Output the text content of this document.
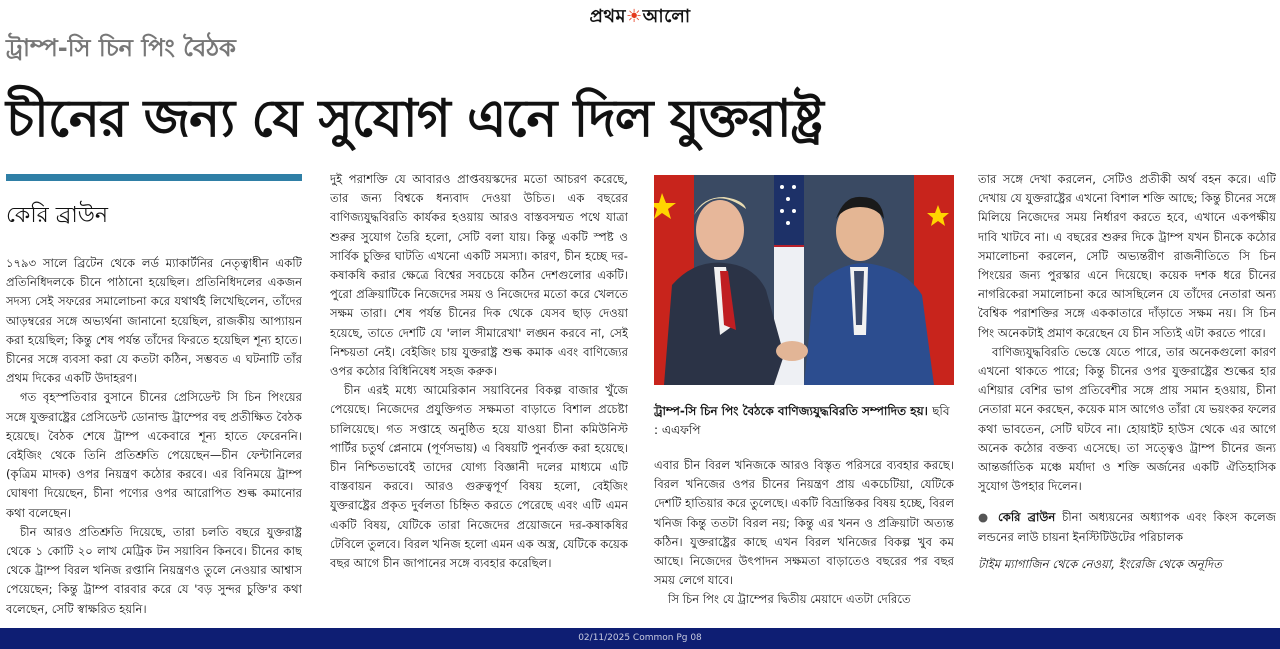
প্রথম☀আলো
ট্রাম্প-সি চিন পিং বৈঠক
চীনের জন্য যে সুযোগ এনে দিল যুক্তরাষ্ট্র
কেরি ব্রাউন

১৭৯৩ সালে ব্রিটেন থেকে লর্ড ম্যাকার্টনির নেতৃত্বাধীন একটি প্রতিনিধিদলকে চীনে পাঠানো হয়েছিল। প্রতিনিধিদলের একজন সদস্য সেই সফরের সমালোচনা করে যথার্থই লিখেছিলেন, তাঁদের আড়ম্বরের সঙ্গে অভ্যর্থনা জানানো হয়েছিল, রাজকীয় আপ্যায়ন করা হয়েছিল; কিন্তু শেষ পর্যন্ত তাঁদের ফিরতে হয়েছিল শূন্য হাতে। চীনের সঙ্গে ব্যবসা করা যে কতটা কঠিন, সম্ভবত এ ঘটনাটি তাঁর প্রথম দিকের একটি উদাহরণ।

গত বৃহস্পতিবার বুসানে চীনের প্রেসিডেন্ট সি চিন পিংয়ের সঙ্গে যুক্তরাষ্ট্রের প্রেসিডেন্ট ডোনাল্ড ট্রাম্পের বহু প্রতীক্ষিত বৈঠক হয়েছে। বৈঠক শেষে ট্রাম্প একেবারে শূন্য হাতে ফেরেননি। বেইজিং থেকে তিনি প্রতিশ্রুতি পেয়েছেন—চীন ফেন্টানিলের (কৃত্রিম মাদক) ওপর নিয়ন্ত্রণ কঠোর করবে। এর বিনিময়ে ট্রাম্প ঘোষণা দিয়েছেন, চীনা পণ্যের ওপর আরোপিত শুল্ক কমানোর কথা বলেছেন।

চীন আরও প্রতিশ্রুতি দিয়েছে, তারা চলতি বছরে যুক্তরাষ্ট্র থেকে ১ কোটি ২০ লাখ মেট্রিক টন সয়াবিন কিনবে। চীনের কাছ থেকে ট্রাম্প বিরল খনিজ রপ্তানি নিয়ন্ত্রণও তুলে নেওয়ার আশ্বাস পেয়েছেন; কিন্তু ট্রাম্প বারবার করে যে 'বড় সুন্দর চুক্তি'র কথা বলেছেন, সেটি স্বাক্ষরিত হয়নি।

দুই পরাশক্তি যে আবারও প্রাপ্তবয়স্কদের মতো আচরণ করেছে, তার জন্য বিশ্বকে ধন্যবাদ দেওয়া উচিত। এক বছরের বাণিজ্যযুদ্ধবিরতি কার্যকর হওয়ায় আরও বাস্তবসম্মত পথে যাত্রা শুরুর সুযোগ তৈরি হলো, সেটি বলা যায়। কিন্তু একটি স্পষ্ট ও সার্বিক চুক্তির ঘাটতি এখনো একটি সমস্যা। কারণ, চীন হচ্ছে দর-কষাকষি করার ক্ষেত্রে বিশ্বের সবচেয়ে কঠিন দেশগুলোর একটি। পুরো প্রক্রিয়াটিকে নিজেদের সময় ও নিজেদের মতো করে খেলতে সক্ষম তারা। শেষ পর্যন্ত চীনের দিক থেকে যেসব ছাড় দেওয়া হয়েছে, তাতে দেশটি যে 'লাল সীমারেখা' লঙ্ঘন করবে না, সেই নিশ্চয়তা নেই। বেইজিং চায় যুক্তরাষ্ট্র শুল্ক কমাক এবং বাণিজ্যের ওপর কঠোর বিধিনিষেধ সহজ করুক।

চীন এরই মধ্যে আমেরিকান সয়াবিনের বিকল্প বাজার খুঁজে পেয়েছে। নিজেদের প্রযুক্তিগত সক্ষমতা বাড়াতে বিশাল প্রচেষ্টা চালিয়েছে। গত সপ্তাহে অনুষ্ঠিত হয়ে যাওয়া চীনা কমিউনিস্ট পার্টির চতুর্থ প্লেনামে (পূর্ণসভায়) এ বিষয়টি পুনর্ব্যক্ত করা হয়েছে। চীন নিশ্চিতভাবেই তাদের যোগ্য বিজ্ঞানী দলের মাধ্যমে এটি বাস্তবায়ন করবে। আরও গুরুত্বপূর্ণ বিষয় হলো, বেইজিং যুক্তরাষ্ট্রের প্রকৃত দুর্বলতা চিহ্নিত করতে পেরেছে এবং এটি এমন একটি বিষয়, যেটিকে তারা নিজেদের প্রয়োজনে দর-কষাকষির টেবিলে তুলবে। বিরল খনিজ হলো এমন এক অস্ত্র, যেটিকে কয়েক বছর আগে চীন জাপানের সঙ্গে ব্যবহার করেছিল।

ট্রাম্প-সি চিন পিং বৈঠকে বাণিজ্যযুদ্ধবিরতি সম্পাদিত হয়। ছবি : এএফপি

এবার চীন বিরল খনিজকে আরও বিস্তৃত পরিসরে ব্যবহার করছে। বিরল খনিজের ওপর চীনের নিয়ন্ত্রণ প্রায় একচেটিয়া, যেটিকে দেশটি হাতিয়ার করে তুলেছে। একটি বিভ্রান্তিকর বিষয় হচ্ছে, বিরল খনিজ কিন্তু ততটা বিরল নয়; কিন্তু এর খনন ও প্রক্রিয়াটা অত্যন্ত কঠিন। যুক্তরাষ্ট্রের কাছে এখন বিরল খনিজের বিকল্প খুব কম আছে। নিজেদের উৎপাদন সক্ষমতা বাড়াতেও বছরের পর বছর সময় লেগে যাবে।

সি চিন পিং যে ট্রাম্পের দ্বিতীয় মেয়াদে এতটা দেরিতে

তার সঙ্গে দেখা করলেন, সেটিও প্রতীকী অর্থ বহন করে। এটি দেখায় যে যুক্তরাষ্ট্রের এখনো বিশাল শক্তি আছে; কিন্তু চীনের সঙ্গে মিলিয়ে নিজেদের সময় নির্ধারণ করতে হবে, এখানে একপক্ষীয় দাবি খাটবে না। এ বছরের শুরুর দিকে ট্রাম্প যখন চীনকে কঠোর সমালোচনা করলেন, সেটি অভ্যন্তরীণ রাজনীতিতে সি চিন পিংয়ের জন্য পুরস্কার এনে দিয়েছে। কয়েক দশক ধরে চীনের নাগরিকেরা সমালোচনা করে আসছিলেন যে তাঁদের নেতারা অন্য বৈশ্বিক পরাশক্তির সঙ্গে এককাতারে দাঁড়াতে সক্ষম নয়। সি চিন পিং অনেকটাই প্রমাণ করেছেন যে চীন সত্যিই এটা করতে পারে।

বাণিজ্যযুদ্ধবিরতি ভেস্তে যেতে পারে, তার অনেকগুলো কারণ এখনো থাকতে পারে; কিন্তু চীনের ওপর যুক্তরাষ্ট্রের শুল্কের হার এশিয়ার বেশির ভাগ প্রতিবেশীর সঙ্গে প্রায় সমান হওয়ায়, চীনা নেতারা মনে করছেন, কয়েক মাস আগেও তাঁরা যে ভয়ংকর ফলের কথা ভাবতেন, সেটি ঘটবে না। হোয়াইট হাউস থেকে এর আগে অনেক কঠোর বক্তব্য এসেছে। তা সত্ত্বেও ট্রাম্প চীনের জন্য আন্তর্জাতিক মঞ্চে মর্যাদা ও শক্তি অর্জনের একটি ঐতিহাসিক সুযোগ উপহার দিলেন।

● কেরি ব্রাউন চীনা অধ্যয়নের অধ্যাপক এবং কিংস কলেজ লন্ডনের লাউ চায়না ইনস্টিটিউটের পরিচালক
টাইম ম্যাগাজিন থেকে নেওয়া, ইংরেজি থেকে অনূদিত
02/11/2025 Common Pg 08
